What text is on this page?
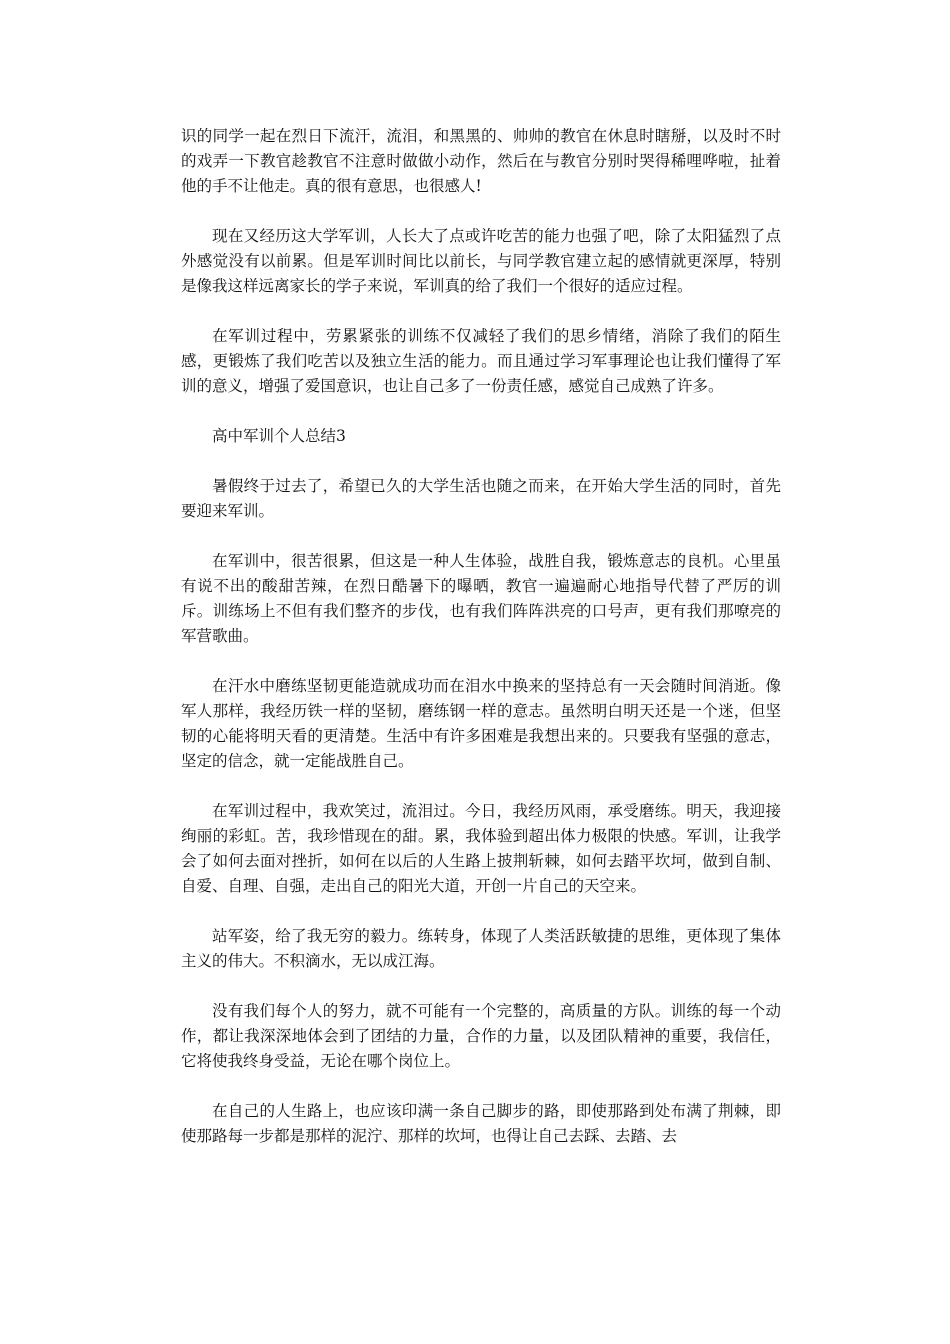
识的同学一起在烈日下流汗，流泪，和黑黑的、帅帅的教官在休息时瞎掰，以及时不时的戏弄一下教官趁教官不注意时做做小动作，然后在与教官分别时哭得稀哩哗啦，扯着他的手不让他走。真的很有意思，也很感人!

现在又经历这大学军训，人长大了点或许吃苦的能力也强了吧，除了太阳猛烈了点外感觉没有以前累。但是军训时间比以前长，与同学教官建立起的感情就更深厚，特别是像我这样远离家长的学子来说，军训真的给了我们一个很好的适应过程。

在军训过程中，劳累紧张的训练不仅减轻了我们的思乡情绪，消除了我们的陌生感，更锻炼了我们吃苦以及独立生活的能力。而且通过学习军事理论也让我们懂得了军训的意义，增强了爱国意识，也让自己多了一份责任感，感觉自己成熟了许多。

高中军训个人总结3

暑假终于过去了，希望已久的大学生活也随之而来，在开始大学生活的同时，首先要迎来军训。

在军训中，很苦很累，但这是一种人生体验，战胜自我，锻炼意志的良机。心里虽有说不出的酸甜苦辣，在烈日酷暑下的曝晒，教官一遍遍耐心地指导代替了严厉的训斥。训练场上不但有我们整齐的步伐，也有我们阵阵洪亮的口号声，更有我们那嘹亮的军营歌曲。

在汗水中磨练坚韧更能造就成功而在泪水中换来的坚持总有一天会随时间消逝。像军人那样，我经历铁一样的坚韧，磨练钢一样的意志。虽然明白明天还是一个迷，但坚韧的心能将明天看的更清楚。生活中有许多困难是我想出来的。只要我有坚强的意志，坚定的信念，就一定能战胜自己。

在军训过程中，我欢笑过，流泪过。今日，我经历风雨，承受磨练。明天，我迎接绚丽的彩虹。苦，我珍惜现在的甜。累，我体验到超出体力极限的快感。军训，让我学会了如何去面对挫折，如何在以后的人生路上披荆斩棘，如何去踏平坎坷，做到自制、自爱、自理、自强，走出自己的阳光大道，开创一片自己的天空来。

站军姿，给了我无穷的毅力。练转身，体现了人类活跃敏捷的思维，更体现了集体主义的伟大。不积滴水，无以成江海。

没有我们每个人的努力，就不可能有一个完整的，高质量的方队。训练的每一个动作，都让我深深地体会到了团结的力量，合作的力量，以及团队精神的重要，我信任，它将使我终身受益，无论在哪个岗位上。

在自己的人生路上，也应该印满一条自己脚步的路，即使那路到处布满了荆棘，即使那路每一步都是那样的泥泞、那样的坎坷，也得让自己去踩、去踏、去
